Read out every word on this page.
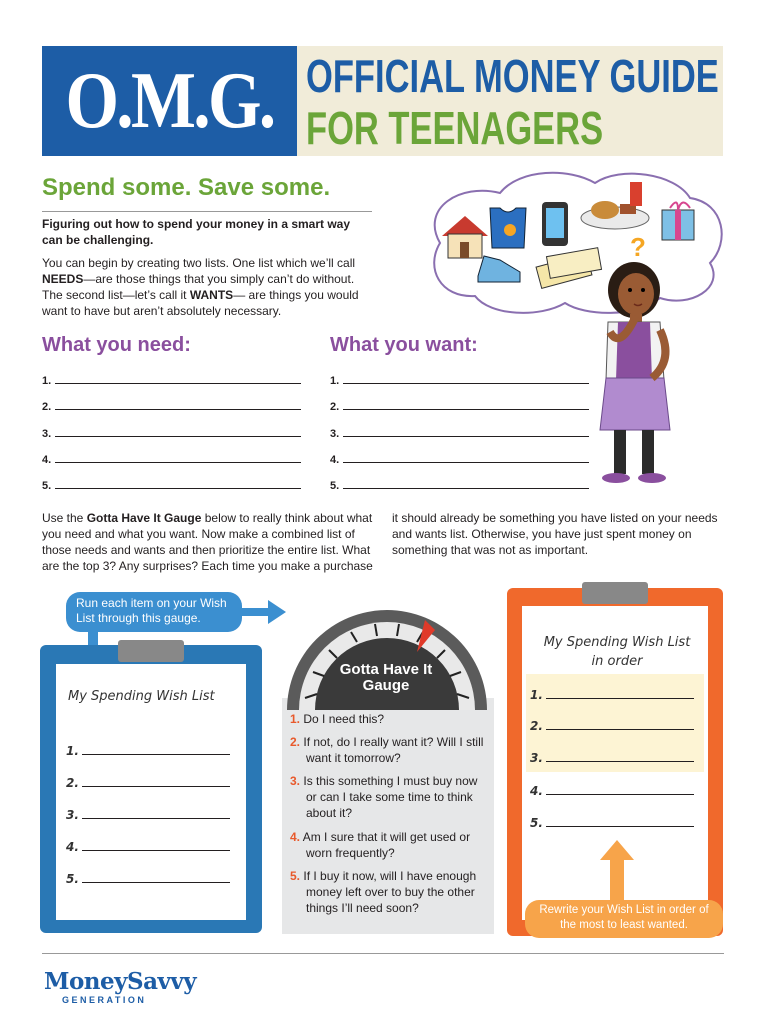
O.M.G. OFFICIAL MONEY GUIDE
FOR TEENAGERS
Spend some. Save some.
Figuring out how to spend your money in a smart way can be challenging.
You can begin by creating two lists. One list which we’ll call NEEDS—are those things that you simply can’t do without. The second list—let’s call it WANTS— are things you would want to have but aren’t absolutely necessary.
?
What you need:	What you want:
1.
2.
3.
4.
5.
1.
2.
3.
4.
5.
Use the Gotta Have It Gauge below to really think about what you need and what you want. Now make a combined list of those needs and wants and then prioritize the entire list. What are the top 3? Any surprises? Each time you make a purchase
it should already be something you have listed on your needs and wants list. Otherwise, you have just spent money on something that was not as important.
Run each item on your Wish List through this gauge.
My Spending Wish List
1.
2.
3.
4.
5.
Gotta Have It
Gauge
1. Do I need this?
2. If not, do I really want it? Will I still want it tomorrow?
3. Is this something I must buy now or can I take some time to think about it?
4. Am I sure that it will get used or worn frequently?
5. If I buy it now, will I have enough money left over to buy the other things I’ll need soon?
My Spending Wish List
in order
1.
2.
3.
4.
5.
Rewrite your Wish List in order of the most to least wanted.
MoneySavvy
GENERATION
